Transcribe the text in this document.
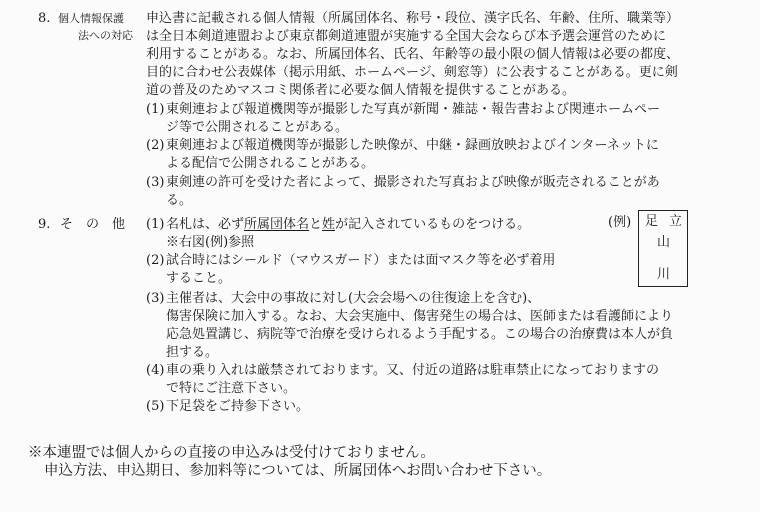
8. 個人情報保護
法への対応
申込書に記載される個人情報（所属団体名、称号・段位、漢字氏名、年齢、住所、職業等）
は全日本剣道連盟および東京都剣道連盟が実施する全国大会ならび本予選会運営のために
利用することがある。なお、所属団体名、氏名、年齢等の最小限の個人情報は必要の都度、
目的に合わせ公表媒体（掲示用紙、ホームページ、剣窓等）に公表することがある。更に剣
道の普及のためマスコミ関係者に必要な個人情報を提供することがある。
(1) 東剣連および報道機関等が撮影した写真が新聞・雑誌・報告書および関連ホームペー
ジ等で公開されることがある。
(2) 東剣連および報道機関等が撮影した映像が、中継・録画放映およびインターネットに
よる配信で公開されることがある。
(3) 東剣連の許可を受けた者によって、撮影された写真および映像が販売されることがあ
る。
9. そ　の　他 (1) 名札は、必ず所属団体名と姓が記入されているものをつける。
※右図(例)参照
(2) 試合時にはシールド（マウスガード）または面マスク等を必ず着用
すること。
(3) 主催者は、大会中の事故に対し(大会会場への往復途上を含む)、
傷害保険に加入する。なお、大会実施中、傷害発生の場合は、医師または看護師により
応急処置講じ、病院等で治療を受けられるよう手配する。この場合の治療費は本人が負
担する。
(4) 車の乗り入れは厳禁されております。又、付近の道路は駐車禁止になっておりますの
で特にご注意下さい。
(5) 下足袋をご持参下さい。
(例) 足 立
山
川
※本連盟では個人からの直接の申込みは受付けておりません。
申込方法、申込期日、参加料等については、所属団体へお問い合わせ下さい。
